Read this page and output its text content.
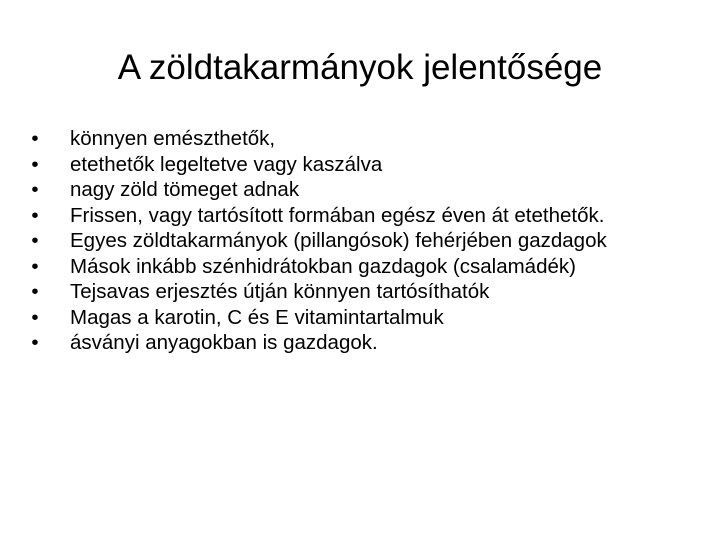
A zöldtakarmányok jelentősége
• könnyen emészthetők,
• etethetők legeltetve vagy kaszálva
• nagy zöld tömeget adnak
• Frissen, vagy tartósított formában egész éven át etethetők.
• Egyes zöldtakarmányok (pillangósok) fehérjében gazdagok
• Mások inkább szénhidrátokban gazdagok (csalamádék)
• Tejsavas erjesztés útján könnyen tartósíthatók
• Magas a karotin, C és E vitamintartalmuk
• ásványi anyagokban is gazdagok.
